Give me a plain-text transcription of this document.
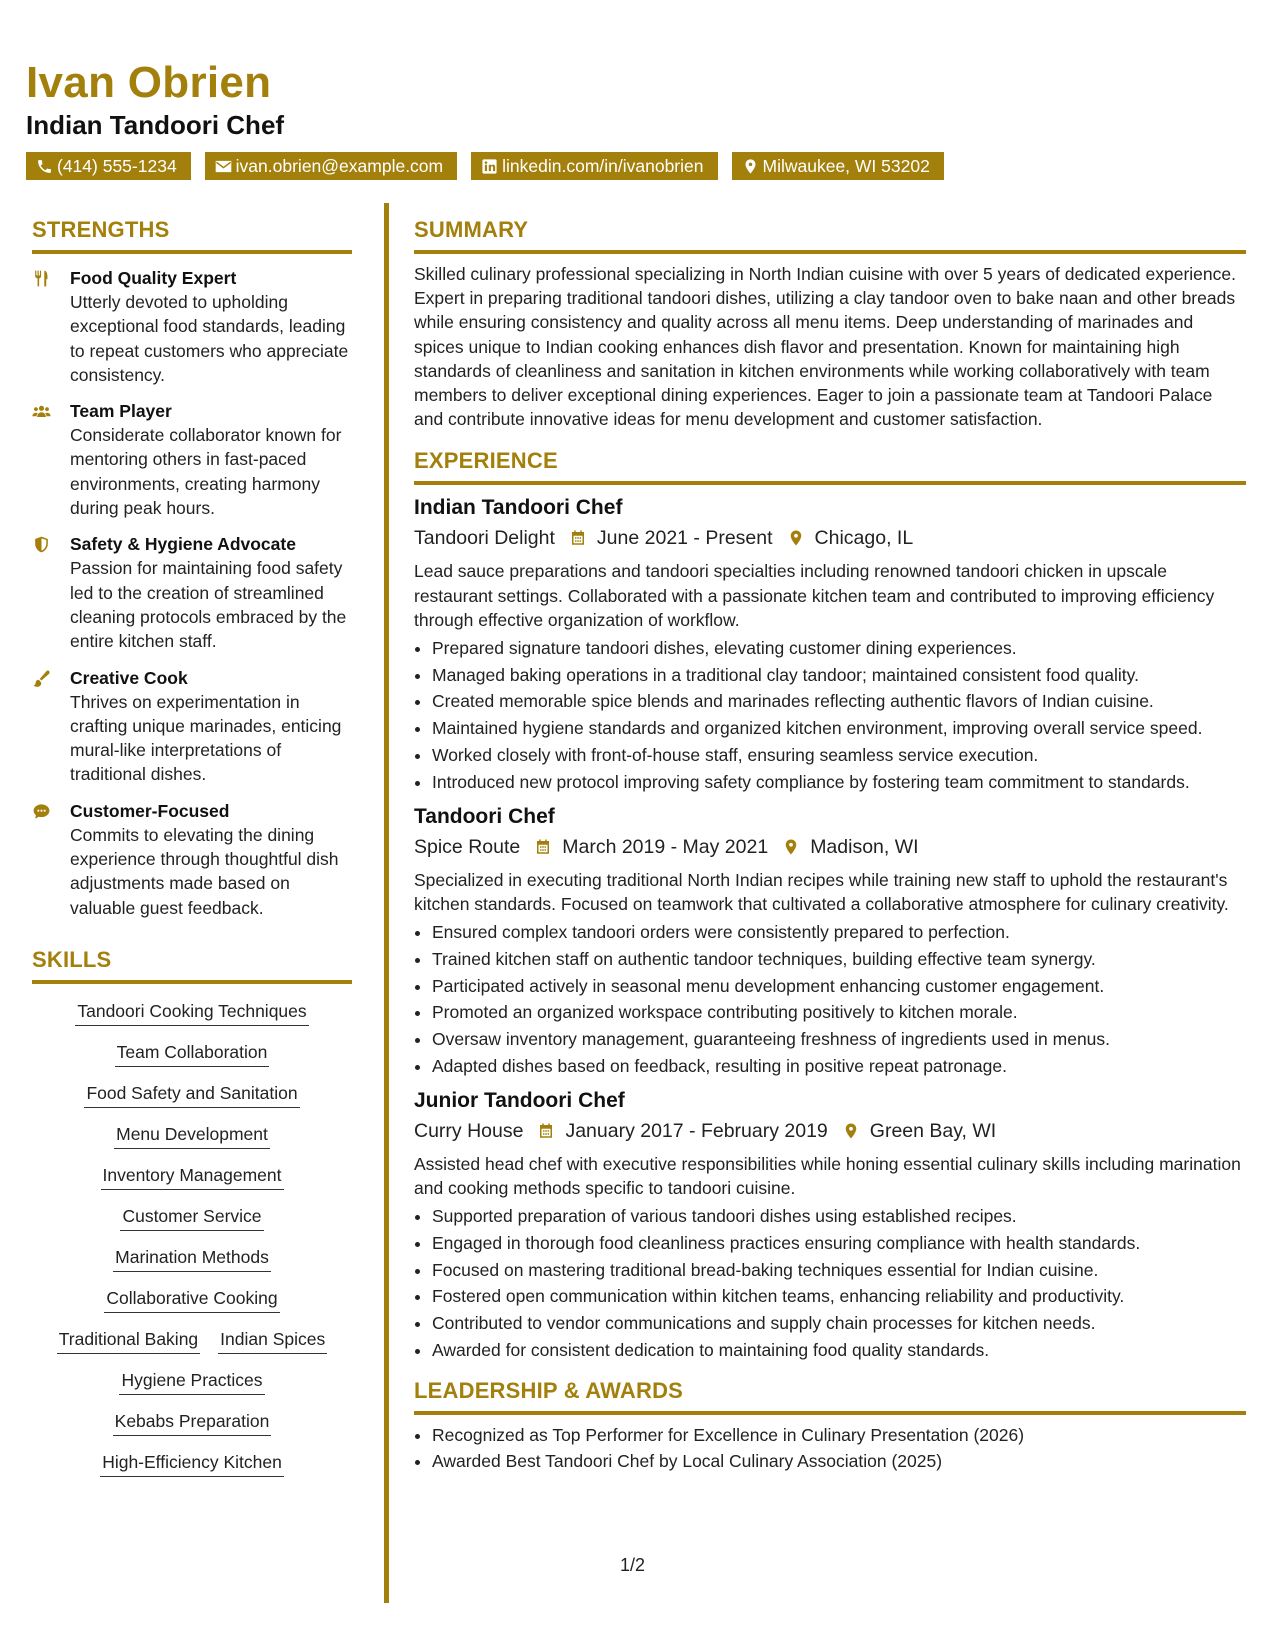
Ivan Obrien
Indian Tandoori Chef
(414) 555-1234	ivan.obrien@example.com	linkedin.com/in/ivanobrien	Milwaukee, WI 53202
STRENGTHS
Food Quality Expert

Utterly devoted to upholding exceptional food standards, leading to repeat customers who appreciate consistency.

Team Player

Considerate collaborator known for mentoring others in fast-paced environments, creating harmony during peak hours.

Safety & Hygiene Advocate

Passion for maintaining food safety led to the creation of streamlined cleaning protocols embraced by the entire kitchen staff.

Creative Cook

Thrives on experimentation in crafting unique marinades, enticing mural-like interpretations of traditional dishes.

Customer-Focused

Commits to elevating the dining experience through thoughtful dish adjustments made based on valuable guest feedback.

SKILLS
Tandoori Cooking Techniques
Team Collaboration
Food Safety and Sanitation
Menu Development
Inventory Management
Customer Service
Marination Methods
Collaborative Cooking
Traditional Baking Indian Spices
Hygiene Practices
Kebabs Preparation
High-Efficiency Kitchen
SUMMARY

Skilled culinary professional specializing in North Indian cuisine with over 5 years of dedicated experience. Expert in preparing traditional tandoori dishes, utilizing a clay tandoor oven to bake naan and other breads while ensuring consistency and quality across all menu items. Deep understanding of marinades and spices unique to Indian cooking enhances dish flavor and presentation. Known for maintaining high standards of cleanliness and sanitation in kitchen environments while working collaboratively with team members to deliver exceptional dining experiences. Eager to join a passionate team at Tandoori Palace and contribute innovative ideas for menu development and customer satisfaction.

EXPERIENCE
Indian Tandoori Chef
Tandoori Delight June 2021 - Present Chicago, IL

Lead sauce preparations and tandoori specialties including renowned tandoori chicken in upscale restaurant settings. Collaborated with a passionate kitchen team and contributed to improving efficiency through effective organization of workflow.

• Prepared signature tandoori dishes, elevating customer dining experiences.
• Managed baking operations in a traditional clay tandoor; maintained consistent food quality.
• Created memorable spice blends and marinades reflecting authentic flavors of Indian cuisine.
• Maintained hygiene standards and organized kitchen environment, improving overall service speed.
• Worked closely with front-of-house staff, ensuring seamless service execution.
• Introduced new protocol improving safety compliance by fostering team commitment to standards.
Tandoori Chef
Spice Route March 2019 - May 2021 Madison, WI

Specialized in executing traditional North Indian recipes while training new staff to uphold the restaurant's kitchen standards. Focused on teamwork that cultivated a collaborative atmosphere for culinary creativity.

• Ensured complex tandoori orders were consistently prepared to perfection.
• Trained kitchen staff on authentic tandoor techniques, building effective team synergy.
• Participated actively in seasonal menu development enhancing customer engagement.
• Promoted an organized workspace contributing positively to kitchen morale.
• Oversaw inventory management, guaranteeing freshness of ingredients used in menus.
• Adapted dishes based on feedback, resulting in positive repeat patronage.
Junior Tandoori Chef
Curry House January 2017 - February 2019 Green Bay, WI

Assisted head chef with executive responsibilities while honing essential culinary skills including marination and cooking methods specific to tandoori cuisine.

• Supported preparation of various tandoori dishes using established recipes.
• Engaged in thorough food cleanliness practices ensuring compliance with health standards.
• Focused on mastering traditional bread-baking techniques essential for Indian cuisine.
• Fostered open communication within kitchen teams, enhancing reliability and productivity.
• Contributed to vendor communications and supply chain processes for kitchen needs.
• Awarded for consistent dedication to maintaining food quality standards.
LEADERSHIP & AWARDS
• Recognized as Top Performer for Excellence in Culinary Presentation (2026)
• Awarded Best Tandoori Chef by Local Culinary Association (2025)
1/2
